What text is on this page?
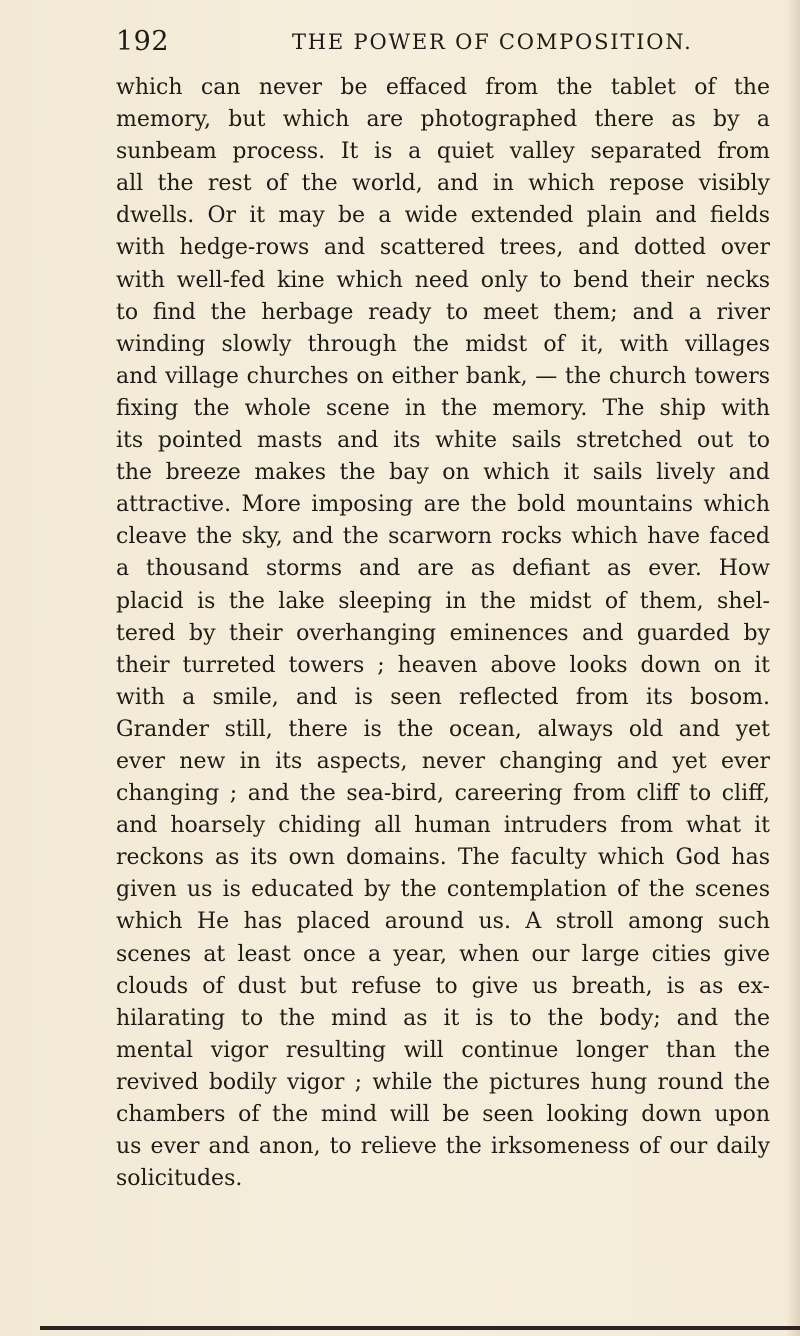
192	THE POWER OF COMPOSITION.
which can never be effaced from the tablet of the
memory, but which are photographed there as by a
sunbeam process. It is a quiet valley separated from
all the rest of the world, and in which repose visibly
dwells. Or it may be a wide extended plain and fields
with hedge-rows and scattered trees, and dotted over
with well-fed kine which need only to bend their necks
to find the herbage ready to meet them; and a river
winding slowly through the midst of it, with villages
and village churches on either bank, — the church towers
fixing the whole scene in the memory. The ship with
its pointed masts and its white sails stretched out to
the breeze makes the bay on which it sails lively and
attractive. More imposing are the bold mountains which
cleave the sky, and the scarworn rocks which have faced
a thousand storms and are as defiant as ever. How
placid is the lake sleeping in the midst of them, shel-
tered by their overhanging eminences and guarded by
their turreted towers ; heaven above looks down on it
with a smile, and is seen reflected from its bosom.
Grander still, there is the ocean, always old and yet
ever new in its aspects, never changing and yet ever
changing ; and the sea-bird, careering from cliff to cliff,
and hoarsely chiding all human intruders from what it
reckons as its own domains. The faculty which God has
given us is educated by the contemplation of the scenes
which He has placed around us. A stroll among such
scenes at least once a year, when our large cities give
clouds of dust but refuse to give us breath, is as ex-
hilarating to the mind as it is to the body; and the
mental vigor resulting will continue longer than the
revived bodily vigor ; while the pictures hung round the
chambers of the mind will be seen looking down upon
us ever and anon, to relieve the irksomeness of our daily
solicitudes.
